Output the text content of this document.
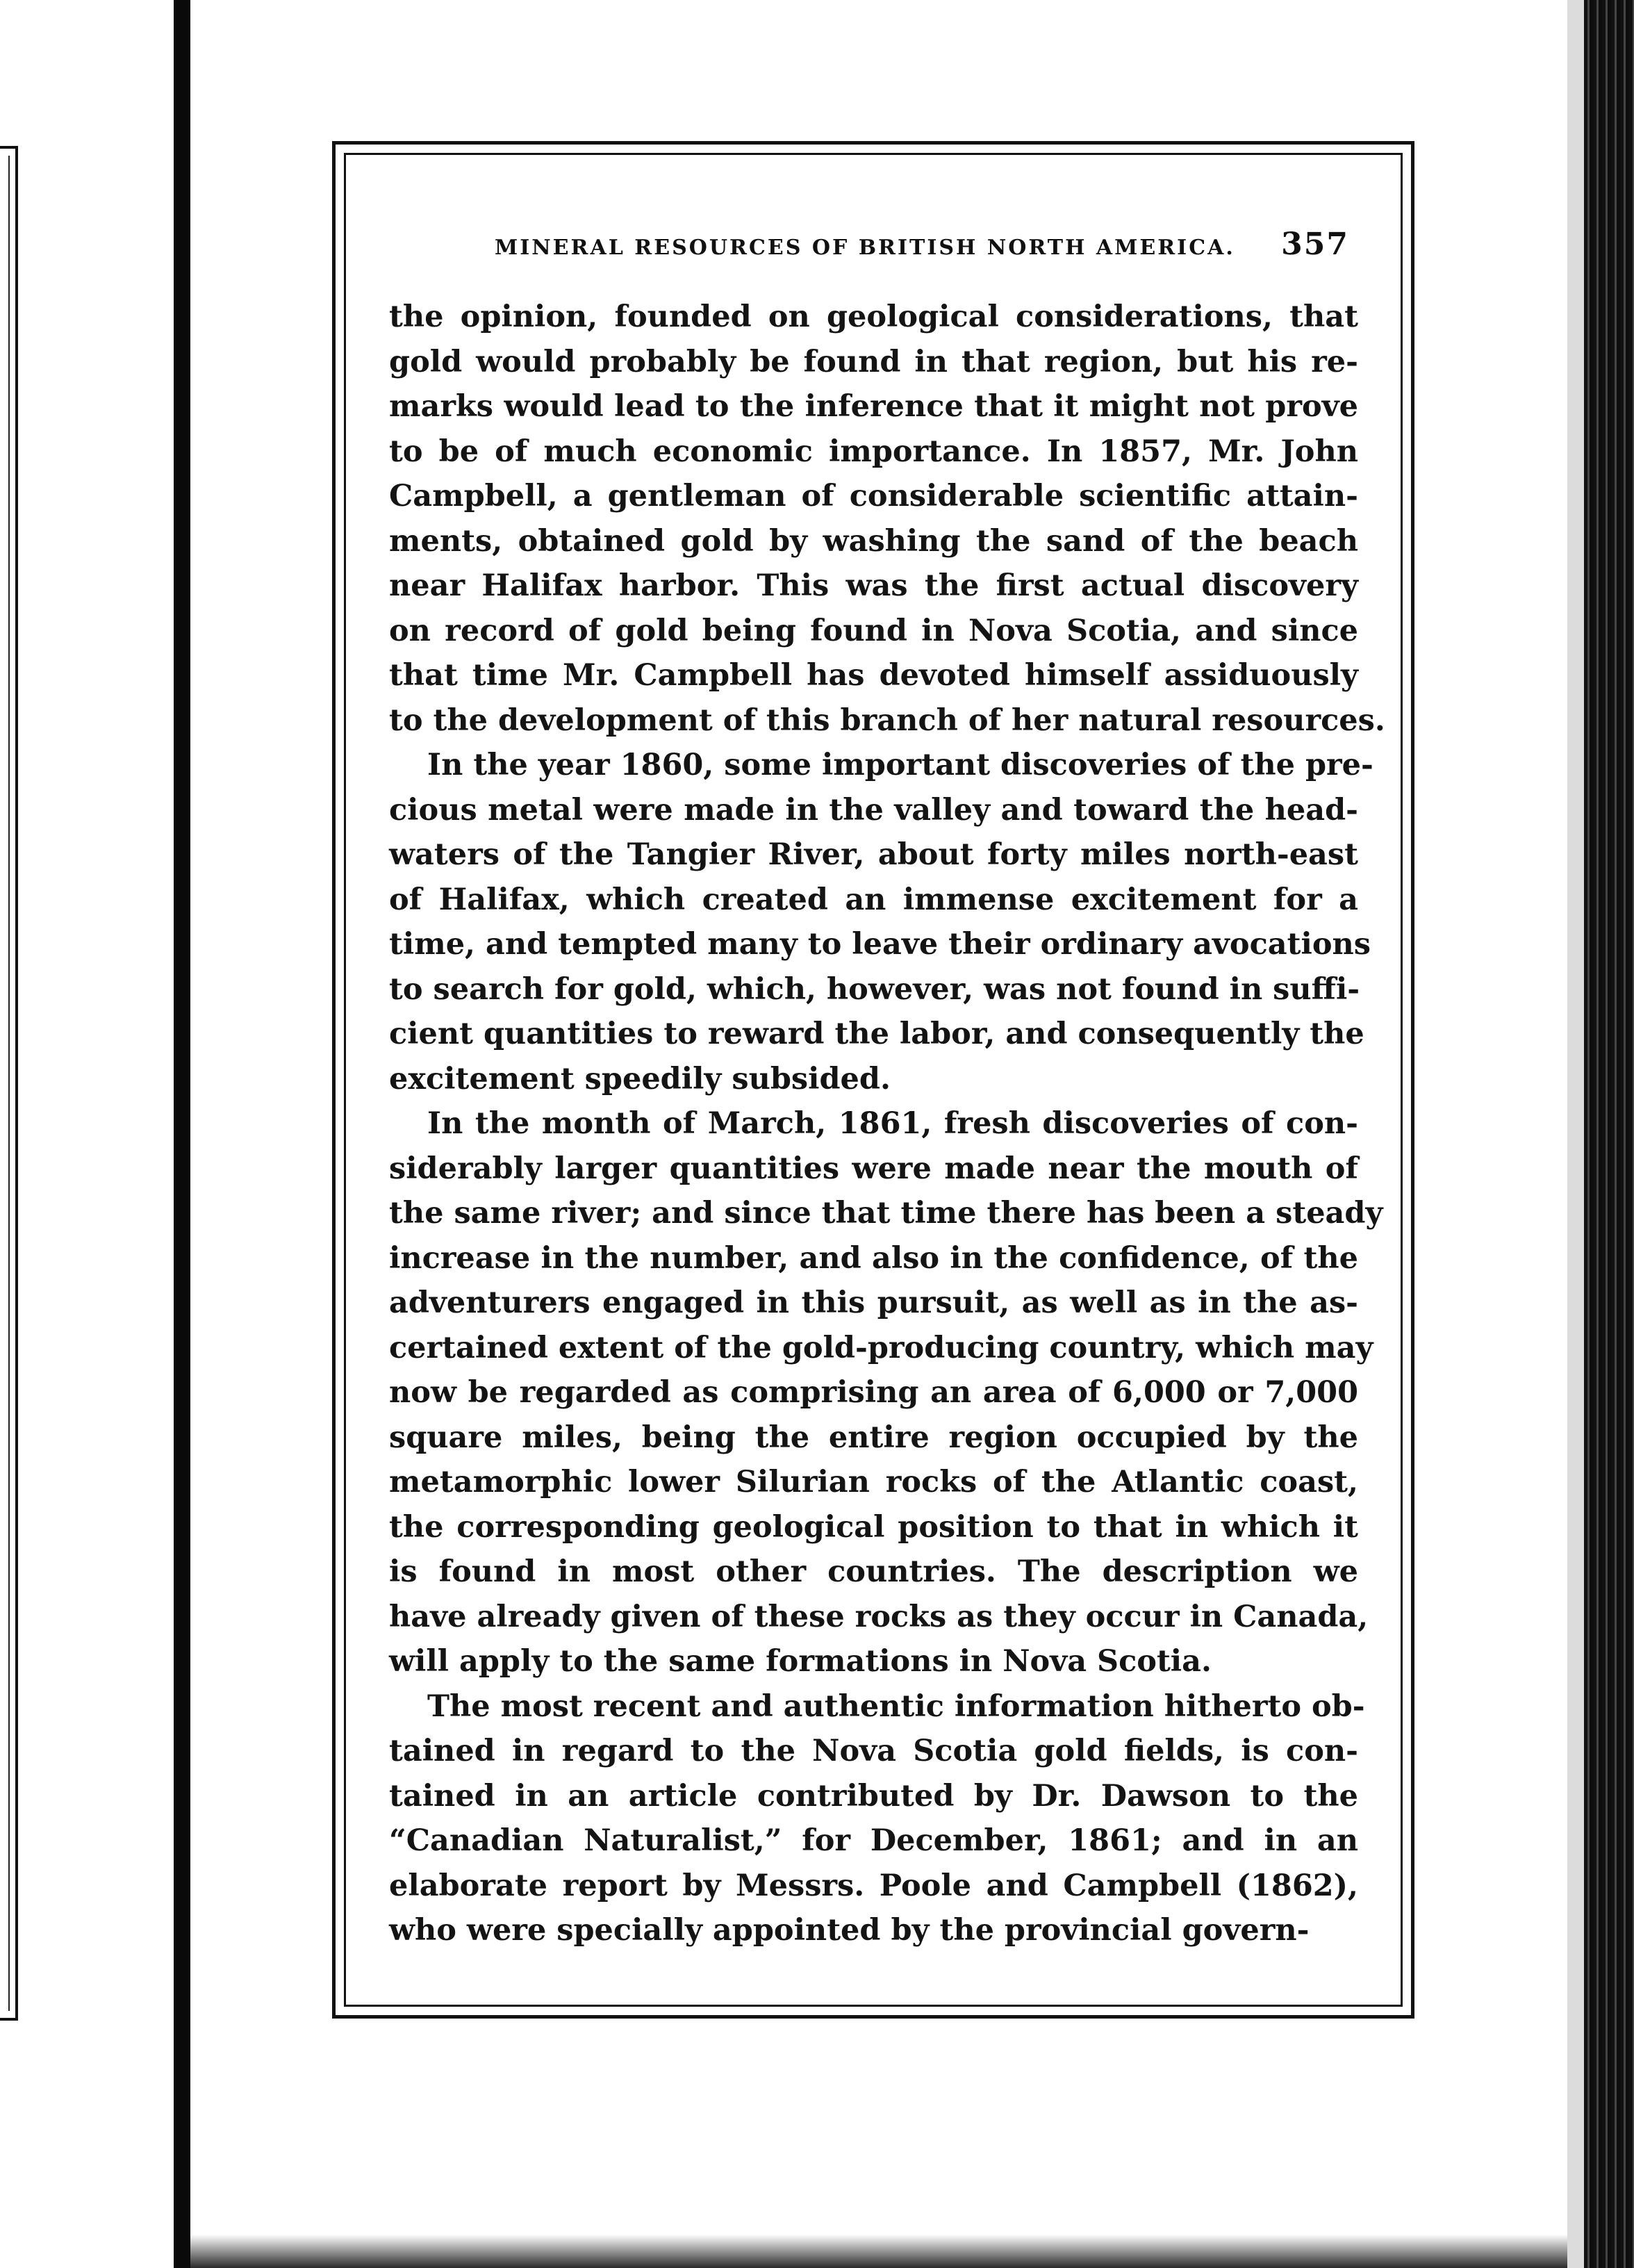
MINERAL RESOURCES OF BRITISH NORTH AMERICA. 357
the opinion, founded on geological considerations, that
gold would probably be found in that region, but his re-
marks would lead to the inference that it might not prove
to be of much economic importance. In 1857, Mr. John
Campbell, a gentleman of considerable scientific attain-
ments, obtained gold by washing the sand of the beach
near Halifax harbor. This was the first actual discovery
on record of gold being found in Nova Scotia, and since
that time Mr. Campbell has devoted himself assiduously
to the development of this branch of her natural resources.
In the year 1860, some important discoveries of the pre-
cious metal were made in the valley and toward the head-
waters of the Tangier River, about forty miles north-east
of Halifax, which created an immense excitement for a
time, and tempted many to leave their ordinary avocations
to search for gold, which, however, was not found in suffi-
cient quantities to reward the labor, and consequently the
excitement speedily subsided.
In the month of March, 1861, fresh discoveries of con-
siderably larger quantities were made near the mouth of
the same river; and since that time there has been a steady
increase in the number, and also in the confidence, of the
adventurers engaged in this pursuit, as well as in the as-
certained extent of the gold-producing country, which may
now be regarded as comprising an area of 6,000 or 7,000
square miles, being the entire region occupied by the
metamorphic lower Silurian rocks of the Atlantic coast,
the corresponding geological position to that in which it
is found in most other countries. The description we
have already given of these rocks as they occur in Canada,
will apply to the same formations in Nova Scotia.
The most recent and authentic information hitherto ob-
tained in regard to the Nova Scotia gold fields, is con-
tained in an article contributed by Dr. Dawson to the
“Canadian Naturalist,” for December, 1861; and in an
elaborate report by Messrs. Poole and Campbell (1862),
who were specially appointed by the provincial govern-
